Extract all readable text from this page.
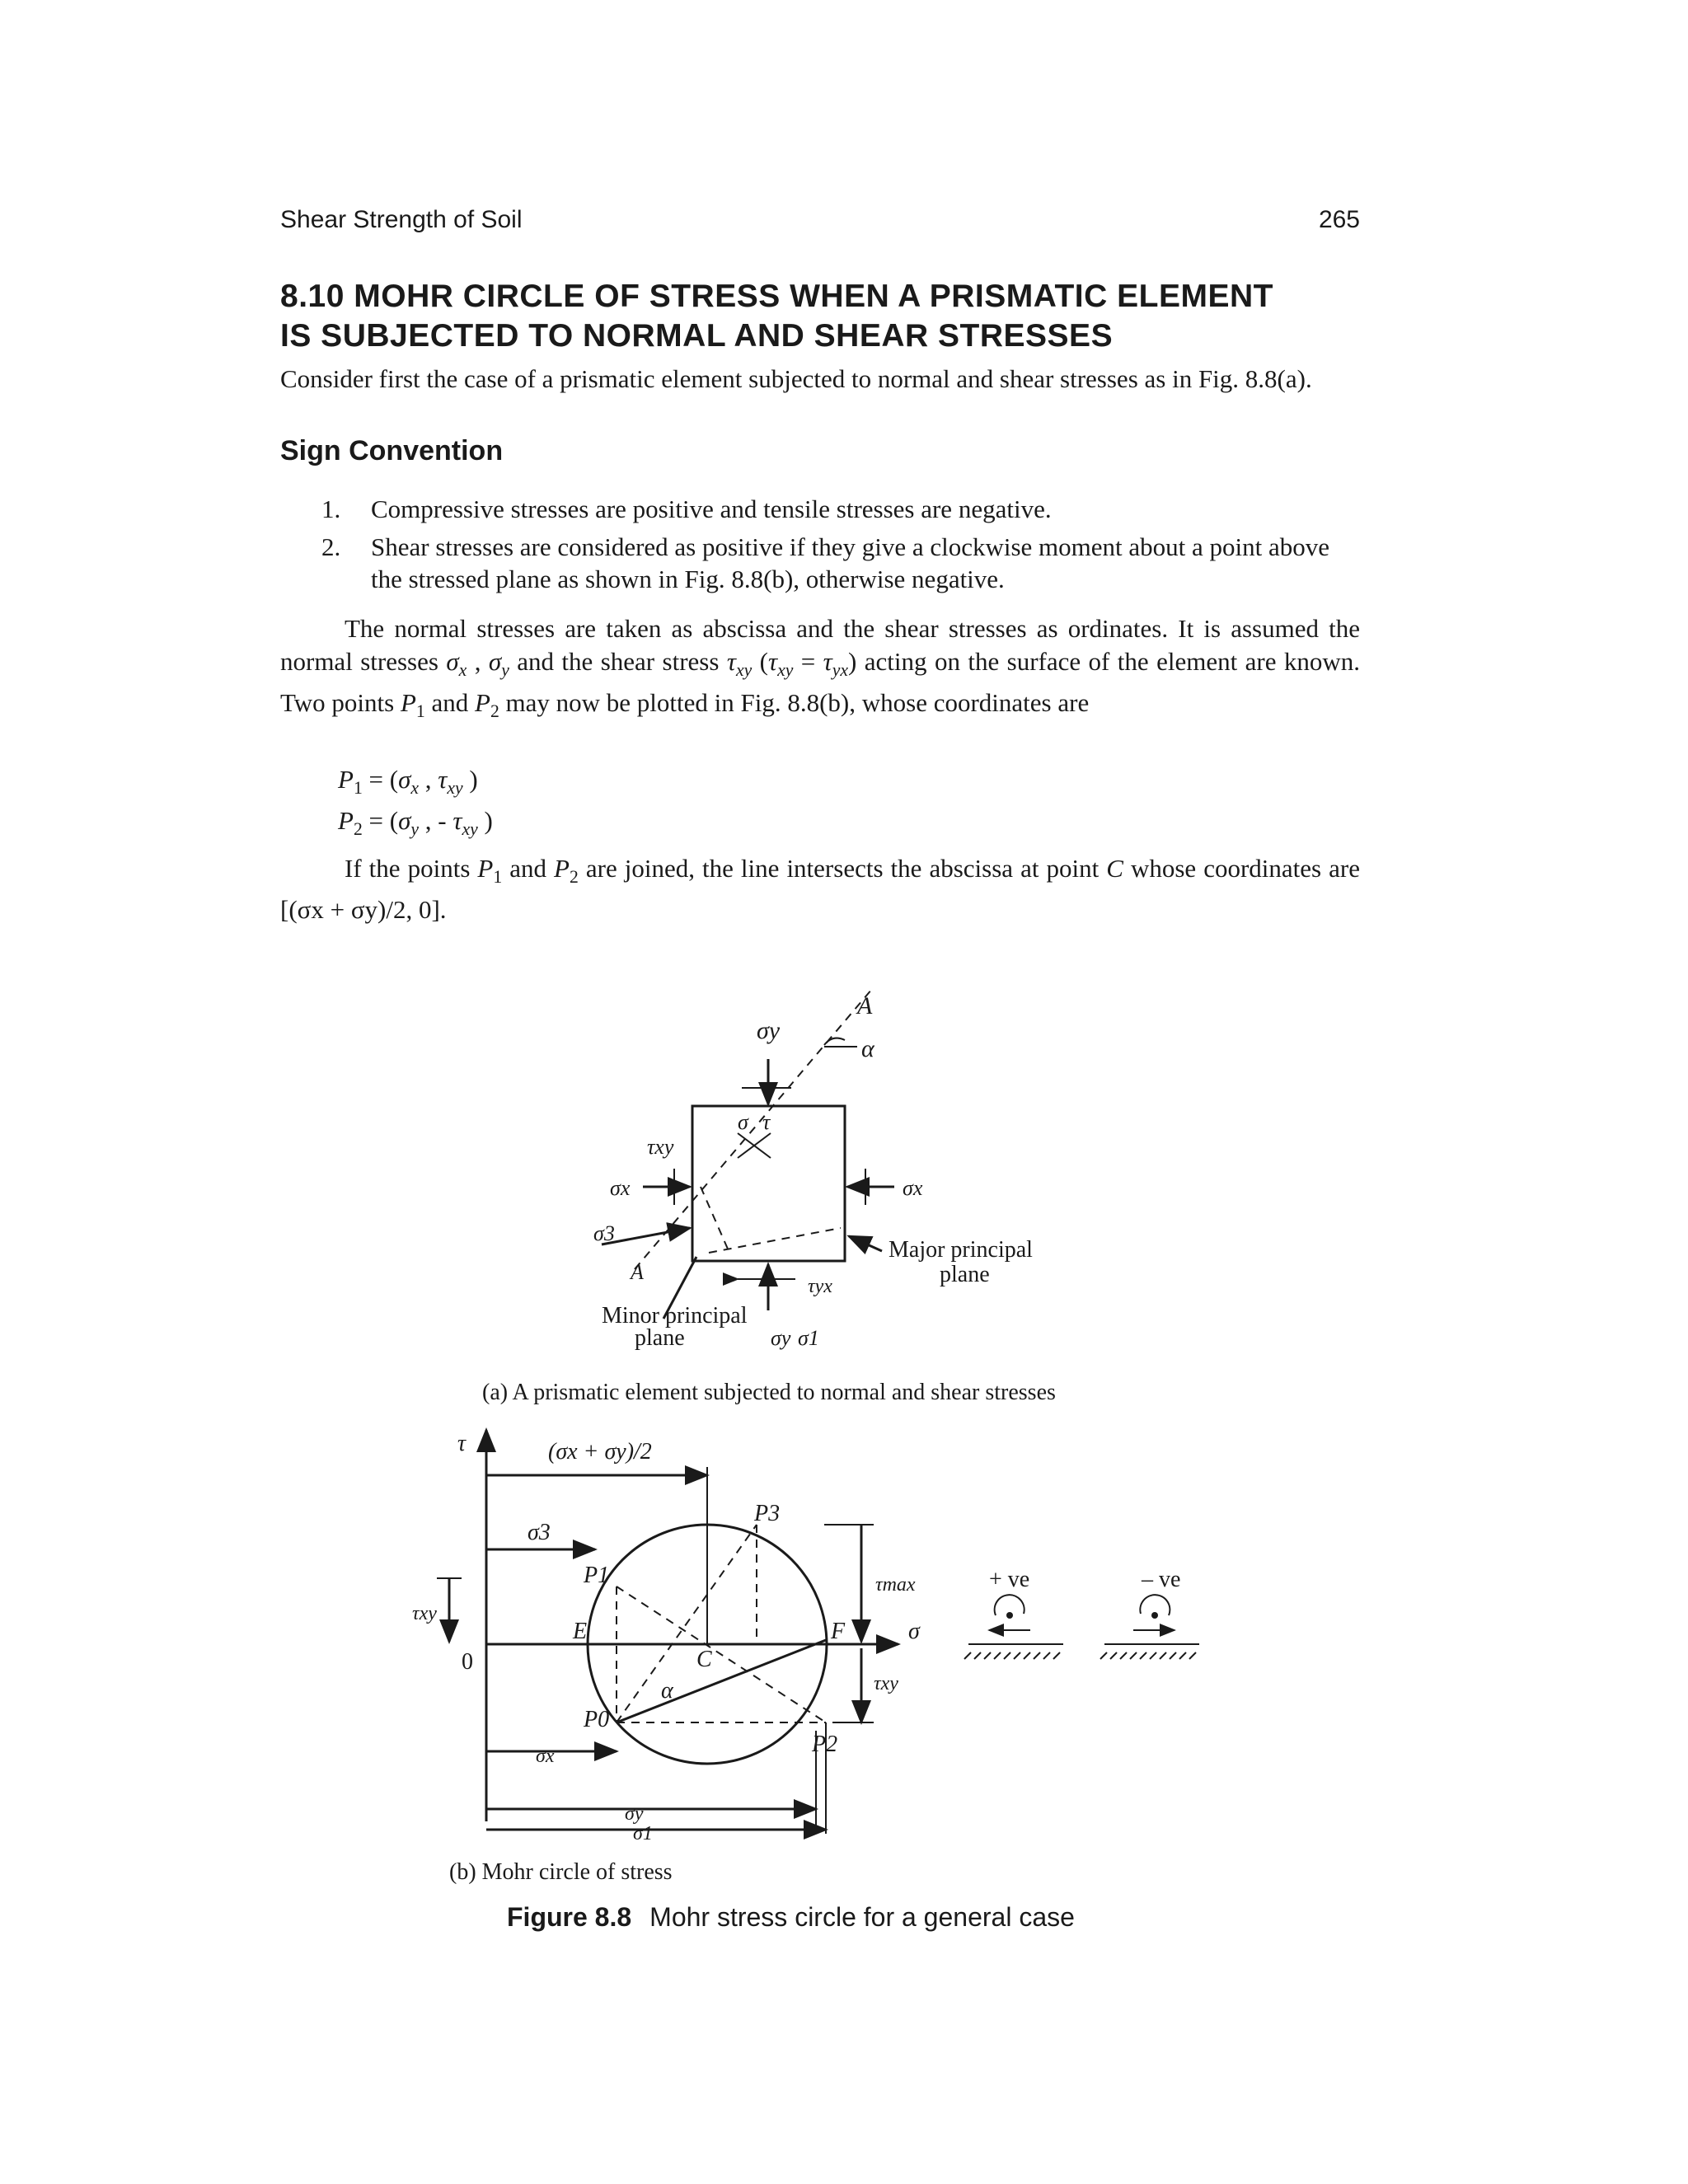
Shear Strength of Soil	265
8.10 MOHR CIRCLE OF STRESS WHEN A PRISMATIC ELEMENT
IS SUBJECTED TO NORMAL AND SHEAR STRESSES

Consider first the case of a prismatic element subjected to normal and shear stresses as in Fig. 8.8(a).

Sign Convention
1.	Compressive stresses are positive and tensile stresses are negative.
2.	Shear stresses are considered as positive if they give a clockwise moment about a point above the stressed plane as shown in Fig. 8.8(b), otherwise negative.

The normal stresses are taken as abscissa and the shear stresses as ordinates. It is assumed the normal stresses $\sigma_x$ , $\sigma_y$ and the shear stress $\tau_{xy}$ $(\tau_{xy} = \tau_{yx})$ acting on the surface of the element are known. Two points $P_1$ and $P_2$ may now be plotted in Fig. 8.8(b), whose coordinates are

$P_1 = (\sigma_x$ , $\tau_{xy}$ )
$P_2 = (\sigma_y$ , - $\tau_{xy}$ )

If the points $P_1$ and $P_2$ are joined, the line intersects the abscissa at point C whose coordinates are [(σx + σy)/2, 0].

σy
A
α
σ τ
τxy
σx	σx
σ3
A
τyx
σy σ1
Major principal
plane
Minor principal
plane
(a) A prismatic element subjected to normal and shear stresses
τ	(σx + σy)/2
σ3
P3
P1
τxy
E
0	C
α
F
τmax
σ
τxy
P0
P2
σx
σy
σ1
+ ve	– ve
(b) Mohr circle of stress
Figure 8.8 Mohr stress circle for a general case
